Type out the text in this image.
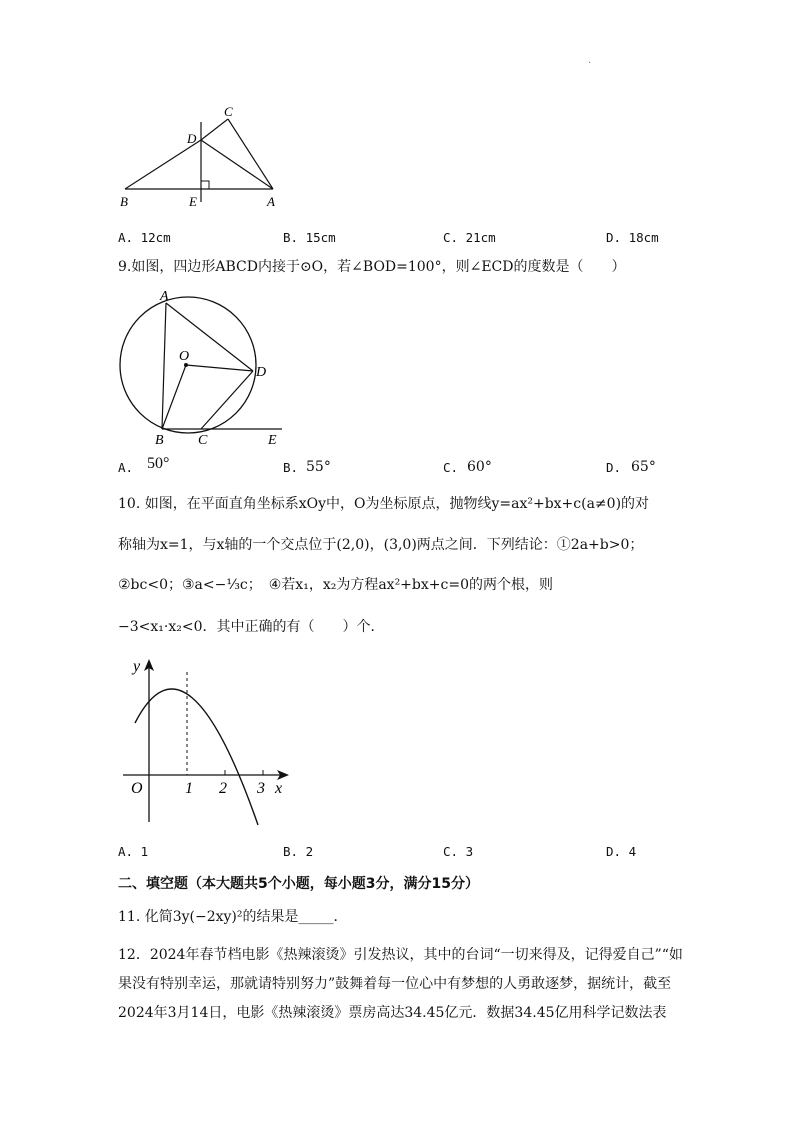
·
C
D
B	E	A
A. 12cm	B. 15cm	C. 21cm	D. 18cm
9.如图，四边形ABCD内接于⊙O，若∠BOD=100°，则∠ECD的度数是（　　）
A
O
D
B C	E
A. 50°	B. 55°	C. 60°	D. 65°
10. 如图，在平面直角坐标系xOy中，O为坐标原点，抛物线y=ax²+bx+c(a≠0)的对
称轴为x=1，与x轴的一个交点位于(2,0)，(3,0)两点之间．下列结论：①2a+b>0；
②bc<0；③a<−⅓c；　④若x₁，x₂为方程ax²+bx+c=0的两个根，则
−3<x₁·x₂<0．其中正确的有（　　）个．
y
x
O	1 2 3
A. 1	B. 2	C. 3	D. 4
二、填空题（本大题共5个小题，每小题3分，满分15分）
11. 化简3y(−2xy)²的结果是_____．
12．2024年春节档电影《热辣滚烫》引发热议，其中的台词“一切来得及，记得爱自己”“如
果没有特别幸运，那就请特别努力”鼓舞着每一位心中有梦想的人勇敢逐梦，据统计，截至
2024年3月14日，电影《热辣滚烫》票房高达34.45亿元．数据34.45亿用科学记数法表
